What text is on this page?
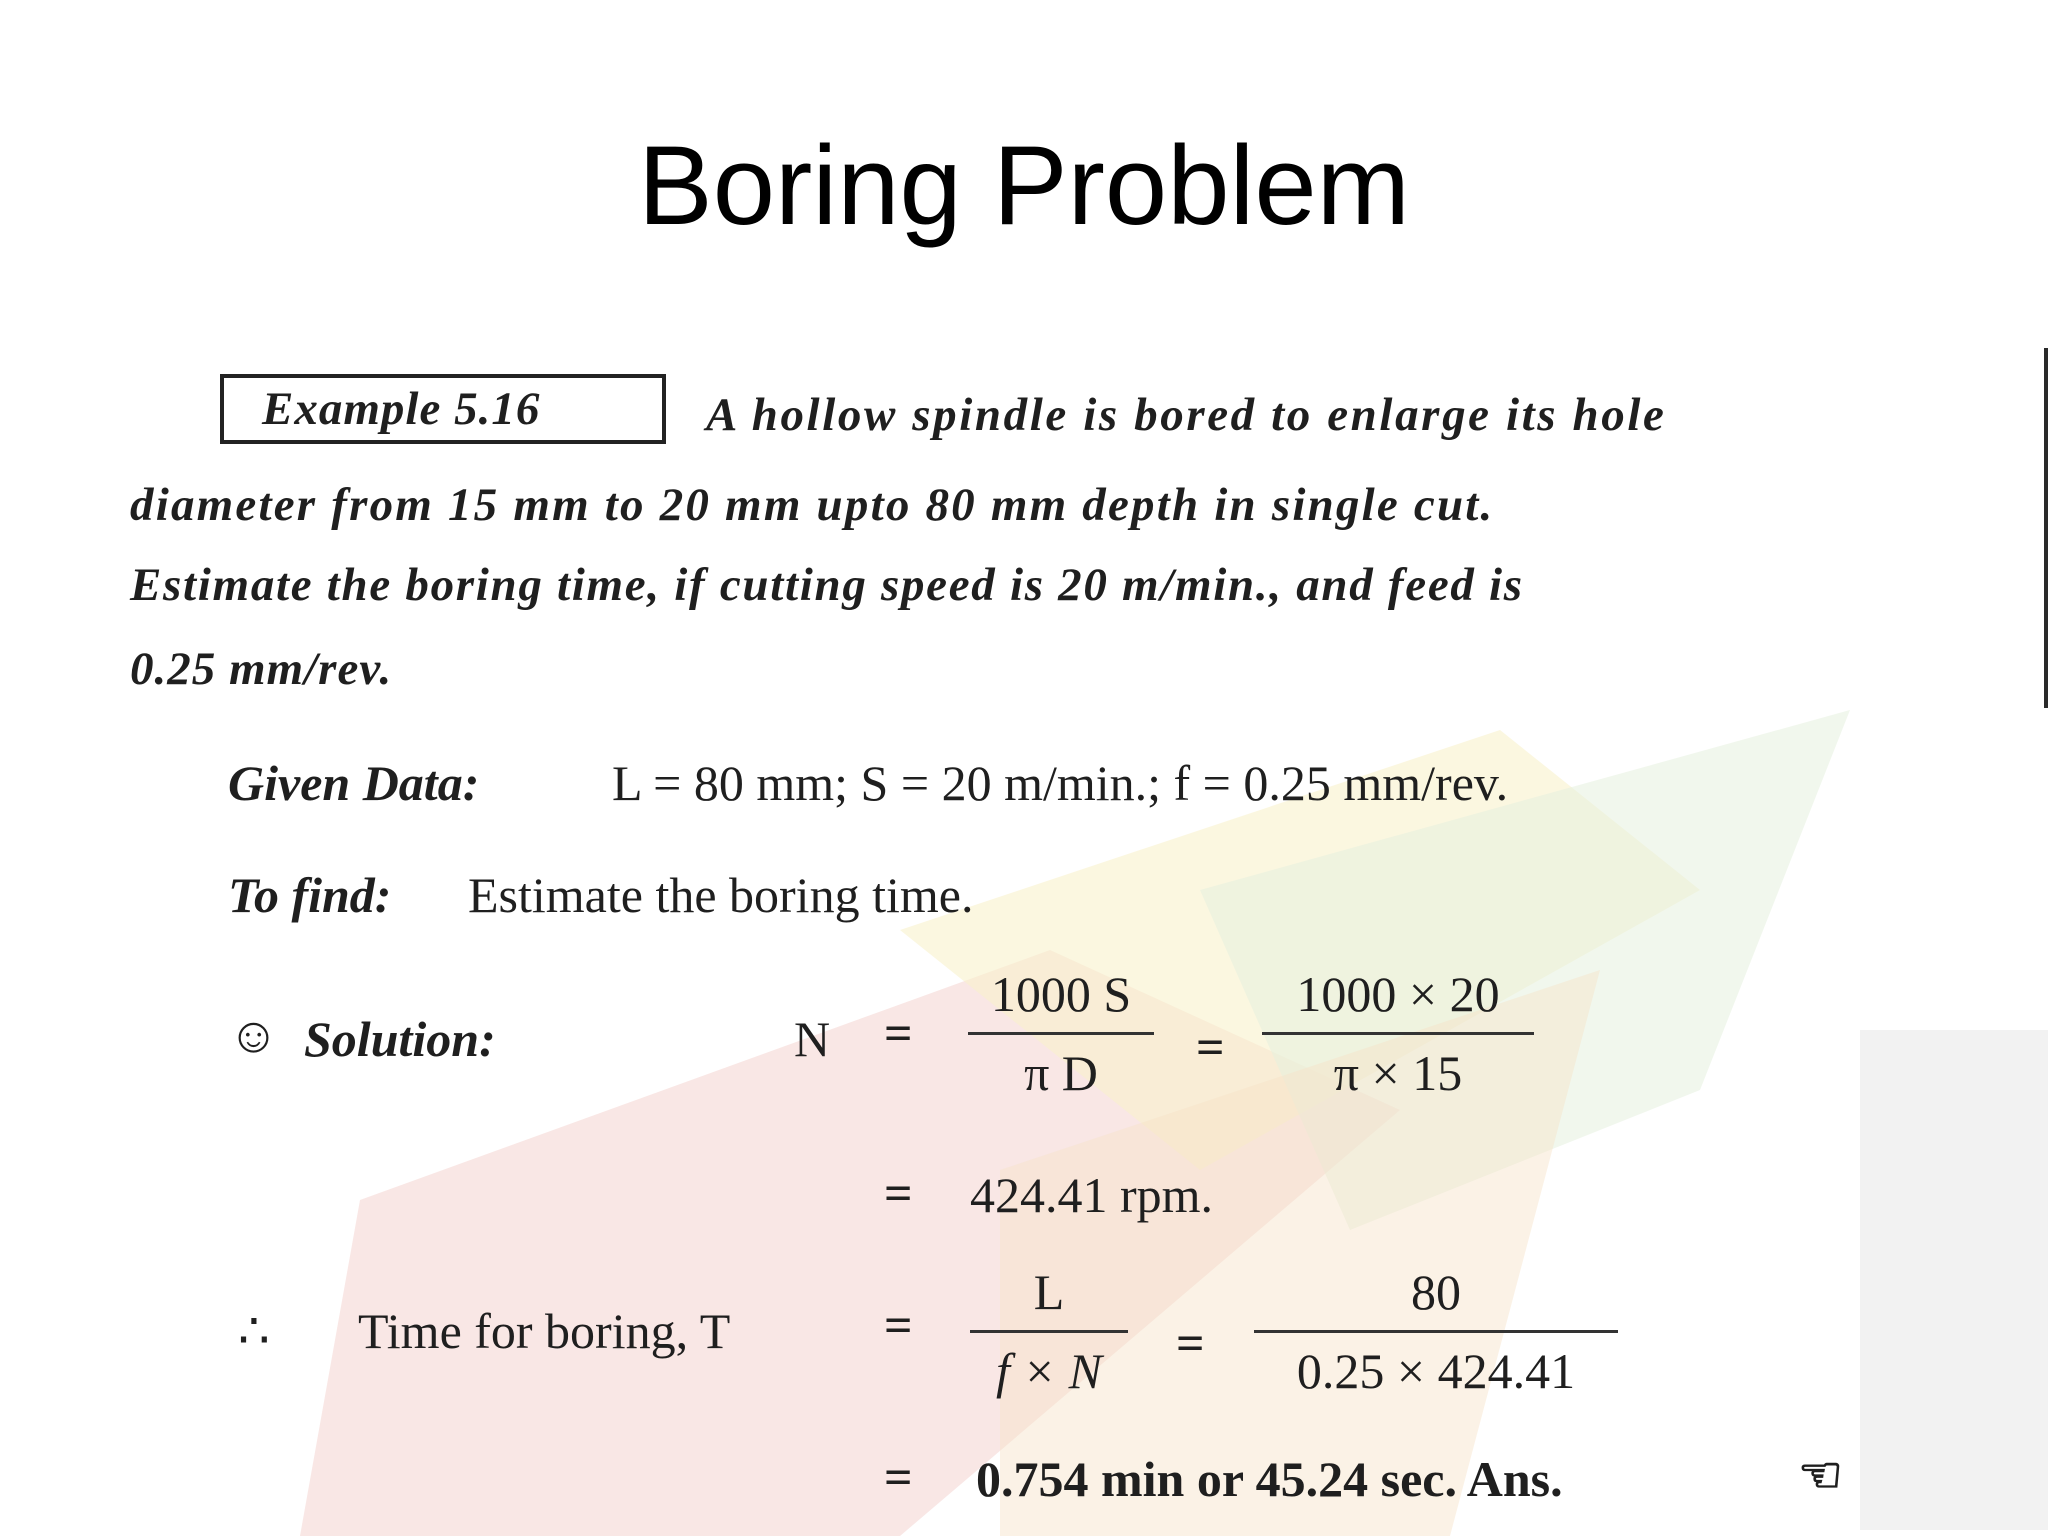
Boring Problem
Example 5.16	A hollow spindle is bored to enlarge its hole
diameter from 15 mm to 20 mm upto 80 mm depth in single cut.
Estimate the boring time, if cutting speed is 20 m/min., and feed is
0.25 mm/rev.
Given Data:	L = 80 mm; S = 20 m/min.; f = 0.25 mm/rev.
To find: Estimate the boring time.
☺ Solution:	N =
1000 S
π D	=
1000 × 20
π × 15
= 424.41 rpm.
∴ Time for boring, T	=
L
f × N	=
80
0.25 × 424.41
= 0.754 min or 45.24 sec. Ans.	☜
